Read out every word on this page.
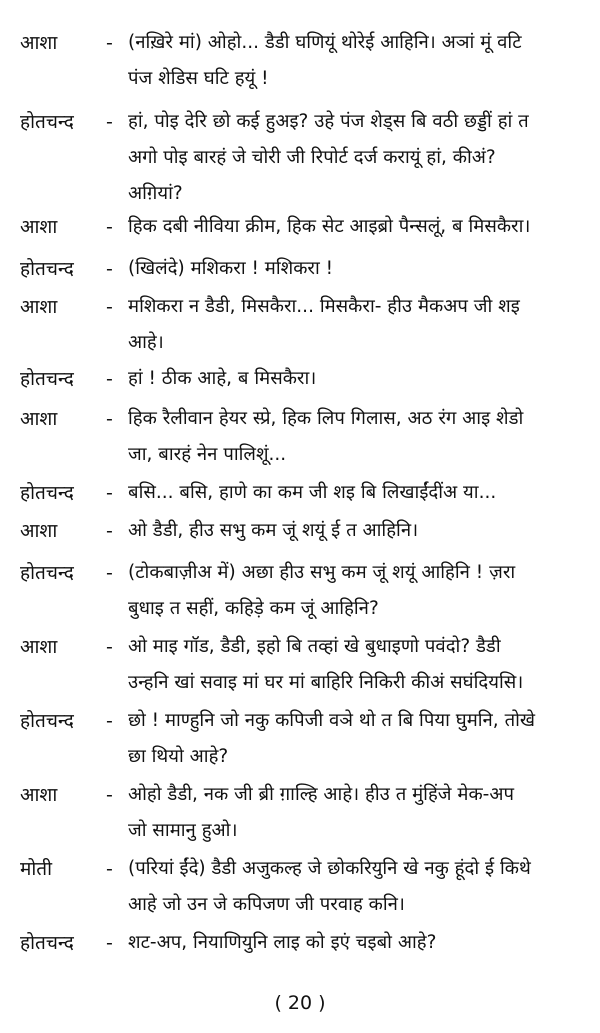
आशा	- (नख़िरे मां) ओहो... डैडी घणियूं थोरेई आहिनि। अञां मूं वटि
पंज शेडिस घटि हयूं !
होतचन्द - हां, पोइ देरि छो कई हुअइ? उहे पंज शेड्स बि वठी छड्डीं हां त
अगो पोइ बारहं जे चोरी जी रिपोर्ट दर्ज करायूं हां, कीअं?
अग़ियां?
आशा	- हिक दबी नीविया क्रीम, हिक सेट आइब्रो पैन्सलूं, ब मिसकैरा।
होतचन्द - (खिलंदे) मशिकरा ! मशिकरा !
आशा	- मशिकरा न डैडी, मिसकैरा... मिसकैरा- हीउ मैकअप जी शइ
आहे।
होतचन्द - हां ! ठीक आहे, ब मिसकैरा।
आशा	- हिक रैलीवान हेयर स्प्रे, हिक लिप गिलास, अठ रंग आइ शेडो
जा, बारहं नेन पालिशूं...
होतचन्द - बसि... बसि, हाणे का कम जी शइ बि लिखाईंदींअ या...
आशा	- ओ डैडी, हीउ सभु कम जूं शयूं ई त आहिनि।
होतचन्द - (टोकबाज़ीअ में) अछा हीउ सभु कम जूं शयूं आहिनि ! ज़रा
बुधाइ त सहीं, कहिड़े कम जूं आहिनि?
आशा	- ओ माइ गॉड, डैडी, इहो बि तव्हां खे बुधाइणो पवंदो? डैडी
उन्हनि खां सवाइ मां घर मां बाहिरि निकिरी कीअं सघंदियसि।
होतचन्द - छो ! माण्हुनि जो नकु कपिजी वञे थो त बि पिया घुमनि, तोखे
छा थियो आहे?
आशा	- ओहो डैडी, नक जी ब्री ग़ाल्हि आहे। हीउ त मुंहिंजे मेक-अप
जो सामानु हुओ।
मोती	- (परियां ईंदे) डैडी अजुकल्ह जे छोकरियुनि खे नकु हूंदो ई किथे
आहे जो उन जे कपिजण जी परवाह कनि।
होतचन्द - शट-अप, नियाणियुनि लाइ को इएं चइबो आहे?
( 20 )
